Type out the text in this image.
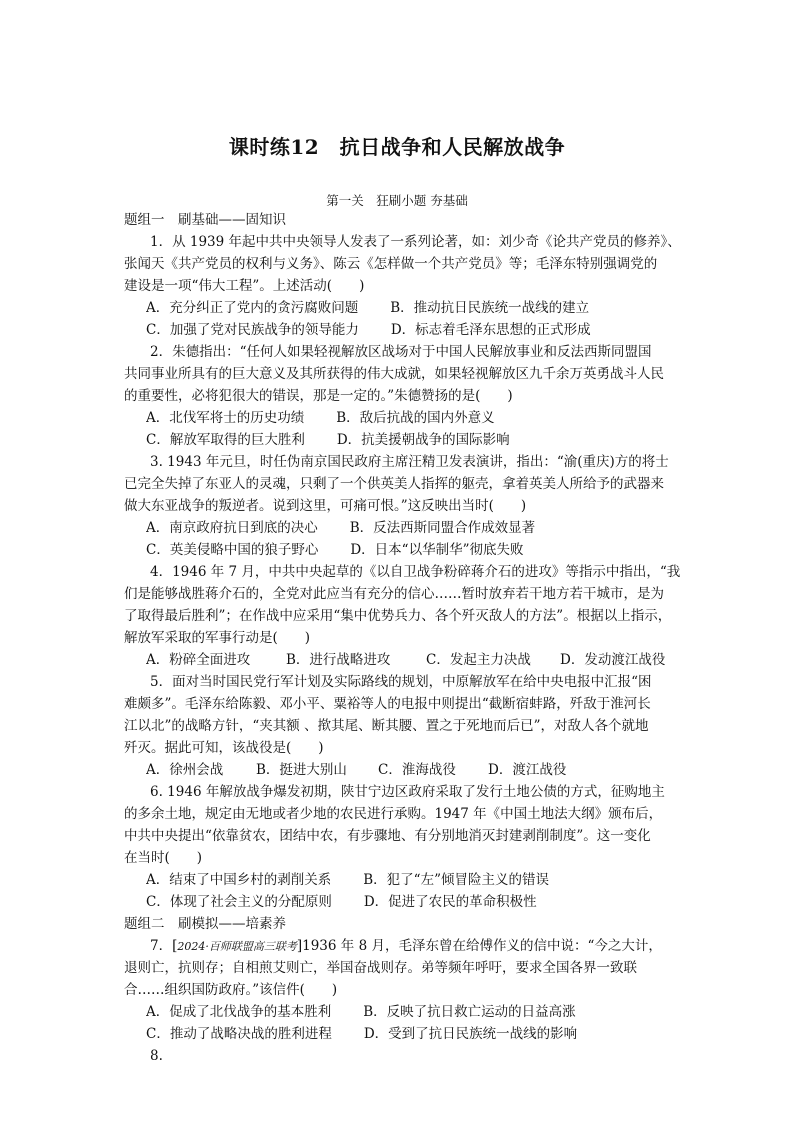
课时练12　抗日战争和人民解放战争
第一关　狂刷小题 夯基础
题组一　刷基础——固知识
1．从 1939 年起中共中央领导人发表了一系列论著，如：刘少奇《论共产党员的修养》、
张闻天《共产党员的权利与义务》、陈云《怎样做一个共产党员》等；毛泽东特别强调党的
建设是一项“伟大工程”。上述活动(　　)
A．充分纠正了党内的贪污腐败问题 B．推动抗日民族统一战线的建立
C．加强了党对民族战争的领导能力 D．标志着毛泽东思想的正式形成
2．朱德指出：“任何人如果轻视解放区战场对于中国人民解放事业和反法西斯同盟国
共同事业所具有的巨大意义及其所获得的伟大成就，如果轻视解放区九千余万英勇战斗人民
的重要性，必将犯很大的错误，那是一定的。”朱德赞扬的是(　　)
A．北伐军将士的历史功绩 B．敌后抗战的国内外意义
C．解放军取得的巨大胜利 D．抗美援朝战争的国际影响
3. 1943 年元旦，时任伪南京国民政府主席汪精卫发表演讲，指出：“渝(重庆)方的将士
已完全失掉了东亚人的灵魂，只剩了一个供英美人指挥的躯壳，拿着英美人所给予的武器来
做大东亚战争的叛逆者。说到这里，可痛可恨。”这反映出当时(　　)
A．南京政府抗日到底的决心 B．反法西斯同盟合作成效显著
C．英美侵略中国的狼子野心 D．日本“以华制华”彻底失败
4．1946 年 7 月，中共中央起草的《以自卫战争粉碎蒋介石的进攻》等指示中指出，“我
们是能够战胜蒋介石的，全党对此应当有充分的信心……暂时放弃若干地方若干城市，是为
了取得最后胜利”；在作战中应采用“集中优势兵力、各个歼灭敌人的方法”。根据以上指示，
解放军采取的军事行动是(　　)
A．粉碎全面进攻	B．进行战略进攻	C．发起主力决战 D．发动渡江战役
5．面对当时国民党行军计划及实际路线的规划，中原解放军在给中央电报中汇报“困
难颇多”。毛泽东给陈毅、邓小平、粟裕等人的电报中则提出“截断宿蚌路，歼敌于淮河长
江以北”的战略方针，“夹其额 、揿其尾、断其腰、置之于死地而后已”，对敌人各个就地
歼灭。据此可知，该战役是(　　)
A．徐州会战 B．挺进大别山 C．淮海战役 D．渡江战役
6. 1946 年解放战争爆发初期，陕甘宁边区政府采取了发行土地公债的方式，征购地主
的多余土地，规定由无地或者少地的农民进行承购。1947 年《中国土地法大纲》颁布后，
中共中央提出“依靠贫农，团结中农，有步骤地、有分别地消灭封建剥削制度”。这一变化
在当时(　　)
A．结束了中国乡村的剥削关系 B．犯了“左”倾冒险主义的错误
C．体现了社会主义的分配原则 D．促进了农民的革命积极性
题组二　刷模拟——培素养
7．[2024·百师联盟高三联考]1936 年 8 月，毛泽东曾在给傅作义的信中说：“今之大计，
退则亡，抗则存；自相煎艾则亡，举国奋战则存。弟等频年呼吁，要求全国各界一致联
合……组织国防政府。”该信件(　　)
A．促成了北伐战争的基本胜利 B．反映了抗日救亡运动的日益高涨
C．推动了战略决战的胜利进程 D．受到了抗日民族统一战线的影响
8.
